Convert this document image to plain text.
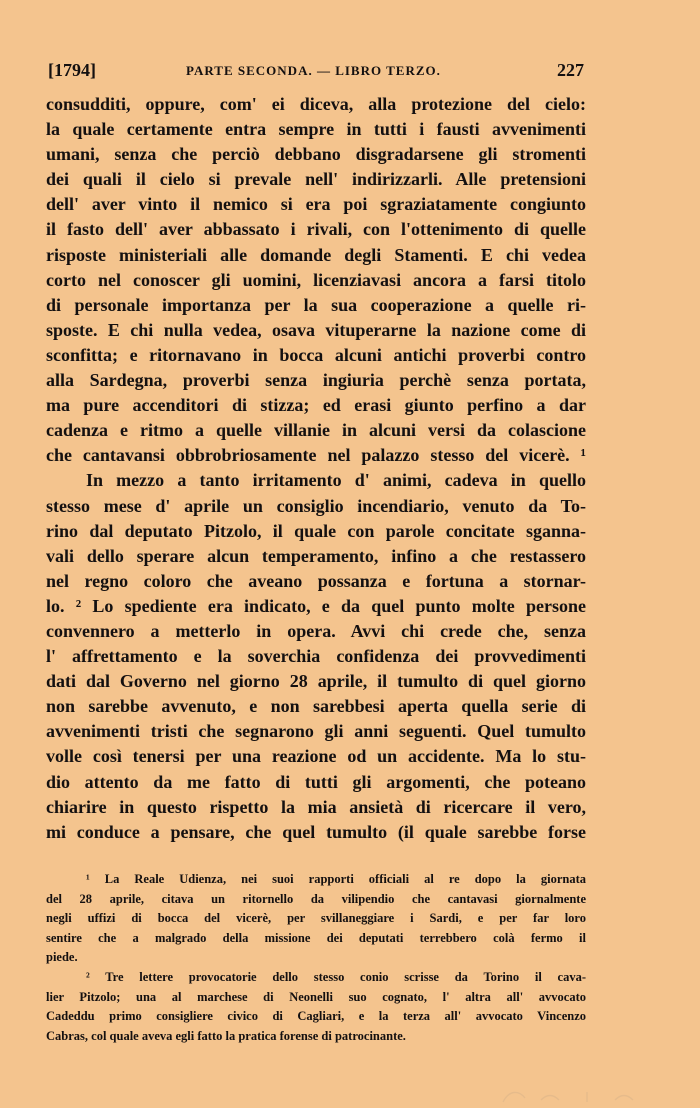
[1794]	PARTE SECONDA. — LIBRO TERZO.	227
consudditi, oppure, com' ei diceva, alla protezione del cielo:
la quale certamente entra sempre in tutti i fausti avvenimenti
umani, senza che perciò debbano disgradarsene gli stromenti
dei quali il cielo si prevale nell' indirizzarli. Alle pretensioni
dell' aver vinto il nemico si era poi sgraziatamente congiunto
il fasto dell' aver abbassato i rivali, con l'ottenimento di quelle
risposte ministeriali alle domande degli Stamenti. E chi vedea
corto nel conoscer gli uomini, licenziavasi ancora a farsi titolo
di personale importanza per la sua cooperazione a quelle ri-
sposte. E chi nulla vedea, osava vituperarne la nazione come di
sconfitta; e ritornavano in bocca alcuni antichi proverbi contro
alla Sardegna, proverbi senza ingiuria perchè senza portata,
ma pure accenditori di stizza; ed erasi giunto perfino a dar
cadenza e ritmo a quelle villanie in alcuni versi da colascione
che cantavansi obbrobriosamente nel palazzo stesso del vicerè. ¹
In mezzo a tanto irritamento d' animi, cadeva in quello
stesso mese d' aprile un consiglio incendiario, venuto da To-
rino dal deputato Pitzolo, il quale con parole concitate sganna-
vali dello sperare alcun temperamento, infino a che restassero
nel regno coloro che aveano possanza e fortuna a stornar-
lo. ² Lo spediente era indicato, e da quel punto molte persone
convennero a metterlo in opera. Avvi chi crede che, senza
l' affrettamento e la soverchia confidenza dei provvedimenti
dati dal Governo nel giorno 28 aprile, il tumulto di quel giorno
non sarebbe avvenuto, e non sarebbesi aperta quella serie di
avvenimenti tristi che segnarono gli anni seguenti. Quel tumulto
volle così tenersi per una reazione od un accidente. Ma lo stu-
dio attento da me fatto di tutti gli argomenti, che poteano
chiarire in questo rispetto la mia ansietà di ricercare il vero,
mi conduce a pensare, che quel tumulto (il quale sarebbe forse
¹ La Reale Udienza, nei suoi rapporti officiali al re dopo la giornata
del 28 aprile, citava un ritornello da vilipendio che cantavasi giornalmente
negli uffizi di bocca del vicerè, per svillaneggiare i Sardi, e per far loro
sentire che a malgrado della missione dei deputati terrebbero colà fermo il
piede.
² Tre lettere provocatorie dello stesso conio scrisse da Torino il cava-
lier Pitzolo; una al marchese di Neonelli suo cognato, l' altra all' avvocato
Cadeddu primo consigliere civico di Cagliari, e la terza all' avvocato Vincenzo
Cabras, col quale aveva egli fatto la pratica forense di patrocinante.
